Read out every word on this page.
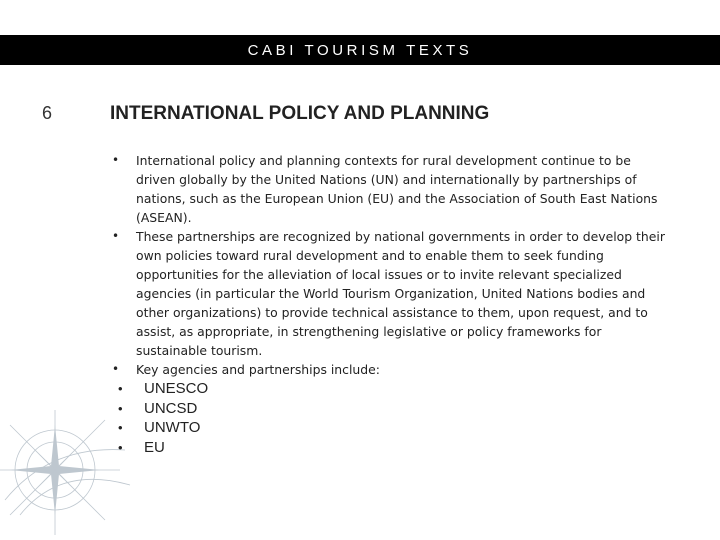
CABI TOURISM TEXTS
6	INTERNATIONAL POLICY AND PLANNING
• International policy and planning contexts for rural development continue to be driven globally by the United Nations (UN) and internationally by partnerships of nations, such as the European Union (EU) and the Association of South East Nations (ASEAN).
• These partnerships are recognized by national governments in order to develop their own policies toward rural development and to enable them to seek funding opportunities for the alleviation of local issues or to invite relevant specialized agencies (in particular the World Tourism Organization, United Nations bodies and other organizations) to provide technical assistance to them, upon request, and to assist, as appropriate, in strengthening legislative or policy frameworks for sustainable tourism.
• Key agencies and partnerships include:
• UNESCO
• UNCSD
• UNWTO
• EU
